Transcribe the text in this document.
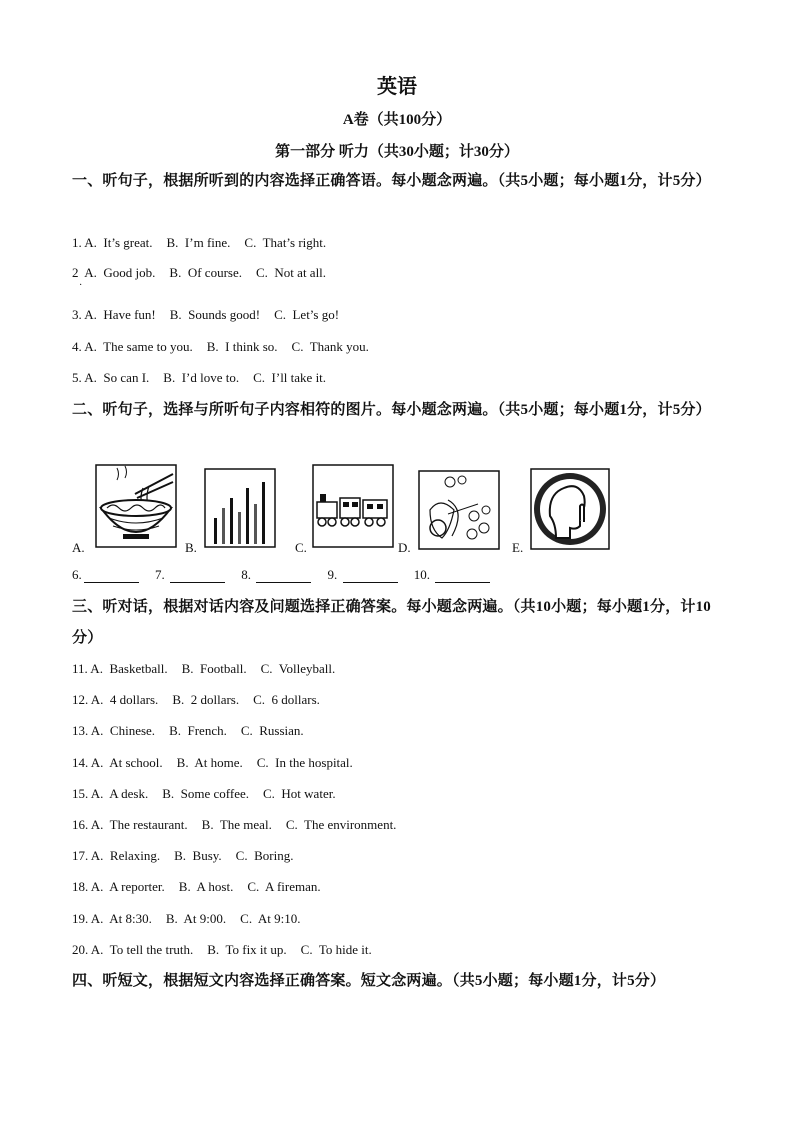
英语
A卷（共100分）
第一部分 听力（共30小题；计30分）
一、听句子，根据所听到的内容选择正确答语。每小题念两遍。（共5小题；每小题1分，计5分）
1. A.  It’s great. B.  I’m fine. C.  That’s right.
2  A.  Good job. B.  Of course. C.  Not at all.
·
3. A.  Have fun! B.  Sounds good! C.  Let’s go!
4. A.  The same to you. B.  I think so. C.  Thank you.
5. A.  So can I. B.  I’d love to. C.  I’ll take it.
二、听句子，选择与所听句子内容相符的图片。每小题念两遍。（共5小题；每小题1分，计5分）
A.	B.	C.	D.	E.
6.	7.	8.	9.	10.
三、听对话，根据对话内容及问题选择正确答案。每小题念两遍。（共10小题；每小题1分，计10分）
11. A.  Basketball. B.  Football. C.  Volleyball.
12. A.  4 dollars. B.  2 dollars. C.  6 dollars.
13. A.  Chinese. B.  French. C.  Russian.
14. A.  At school. B.  At home. C.  In the hospital.
15. A.  A desk. B.  Some coffee. C.  Hot water.
16. A.  The restaurant. B.  The meal. C.  The environment.
17. A.  Relaxing. B.  Busy. C.  Boring.
18. A.  A reporter. B.  A host. C.  A fireman.
19. A.  At 8:30. B.  At 9:00. C.  At 9:10.
20. A.  To tell the truth. B.  To fix it up. C.  To hide it.
四、听短文，根据短文内容选择正确答案。短文念两遍。（共5小题；每小题1分，计5分）
